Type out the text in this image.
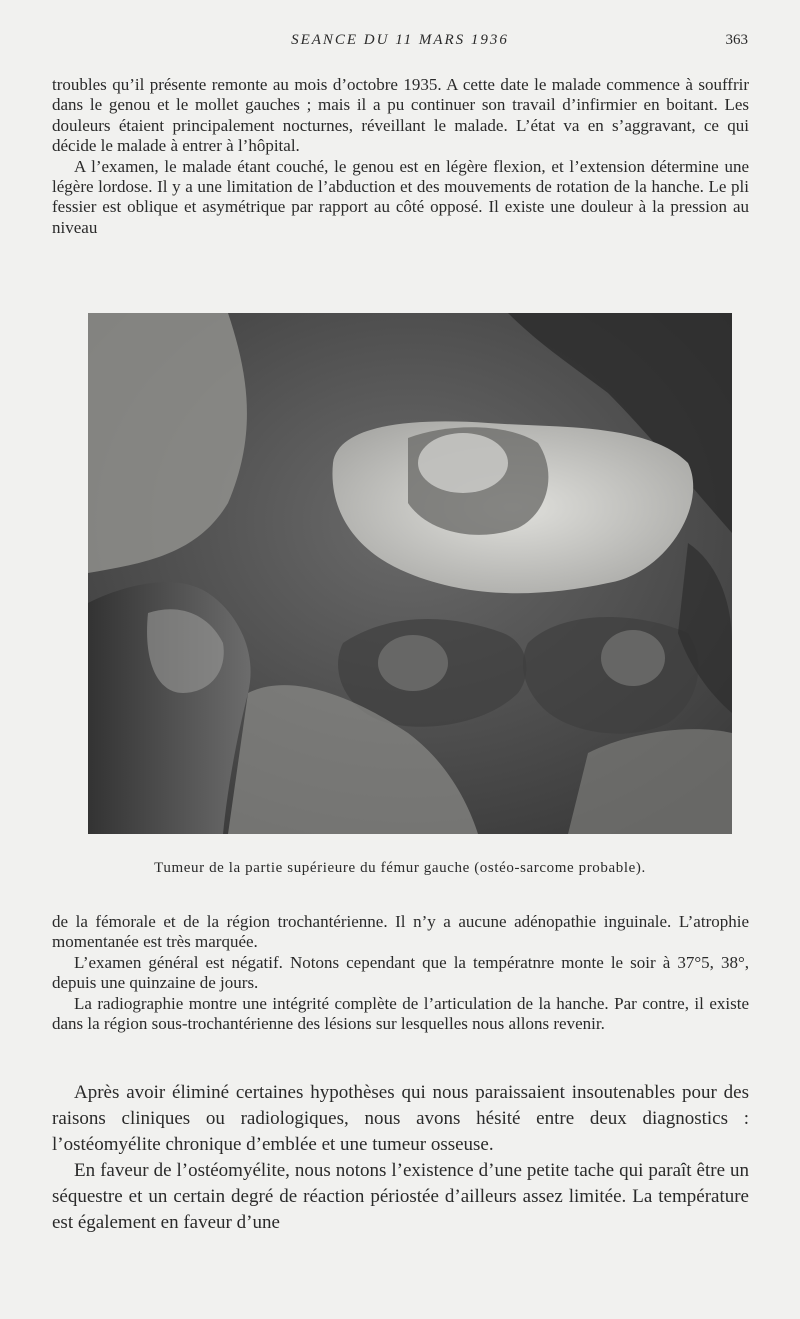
SEANCE DU 11 MARS 1936	363

troubles qu’il présente remonte au mois d’octobre 1935. A cette date le malade commence à souffrir dans le genou et le mollet gauches ; mais il a pu continuer son travail d’infirmier en boitant. Les douleurs étaient principalement nocturnes, réveillant le malade. L’état va en s’aggravant, ce qui décide le malade à entrer à l’hôpital.

A l’examen, le malade étant couché, le genou est en légère flexion, et l’extension détermine une légère lordose. Il y a une limitation de l’abduction et des mouvements de rotation de la hanche. Le pli fessier est oblique et asymétrique par rapport au côté opposé. Il existe une douleur à la pression au niveau

Tumeur de la partie supérieure du fémur gauche (ostéo-sarcome probable).

de la fémorale et de la région trochantérienne. Il n’y a aucune adénopathie inguinale. L’atrophie momentanée est très marquée.

L’examen général est négatif. Notons cependant que la températnre monte le soir à 37°5, 38°, depuis une quinzaine de jours.

La radiographie montre une intégrité complète de l’articulation de la hanche. Par contre, il existe dans la région sous-trochantérienne des lésions sur lesquelles nous allons revenir.

Après avoir éliminé certaines hypothèses qui nous paraissaient insoutenables pour des raisons cliniques ou radiologiques, nous avons hésité entre deux diagnostics : l’ostéomyélite chronique d’emblée et une tumeur osseuse.

En faveur de l’ostéomyélite, nous notons l’existence d’une petite tache qui paraît être un séquestre et un certain degré de réaction périostée d’ailleurs assez limitée. La température est également en faveur d’une
